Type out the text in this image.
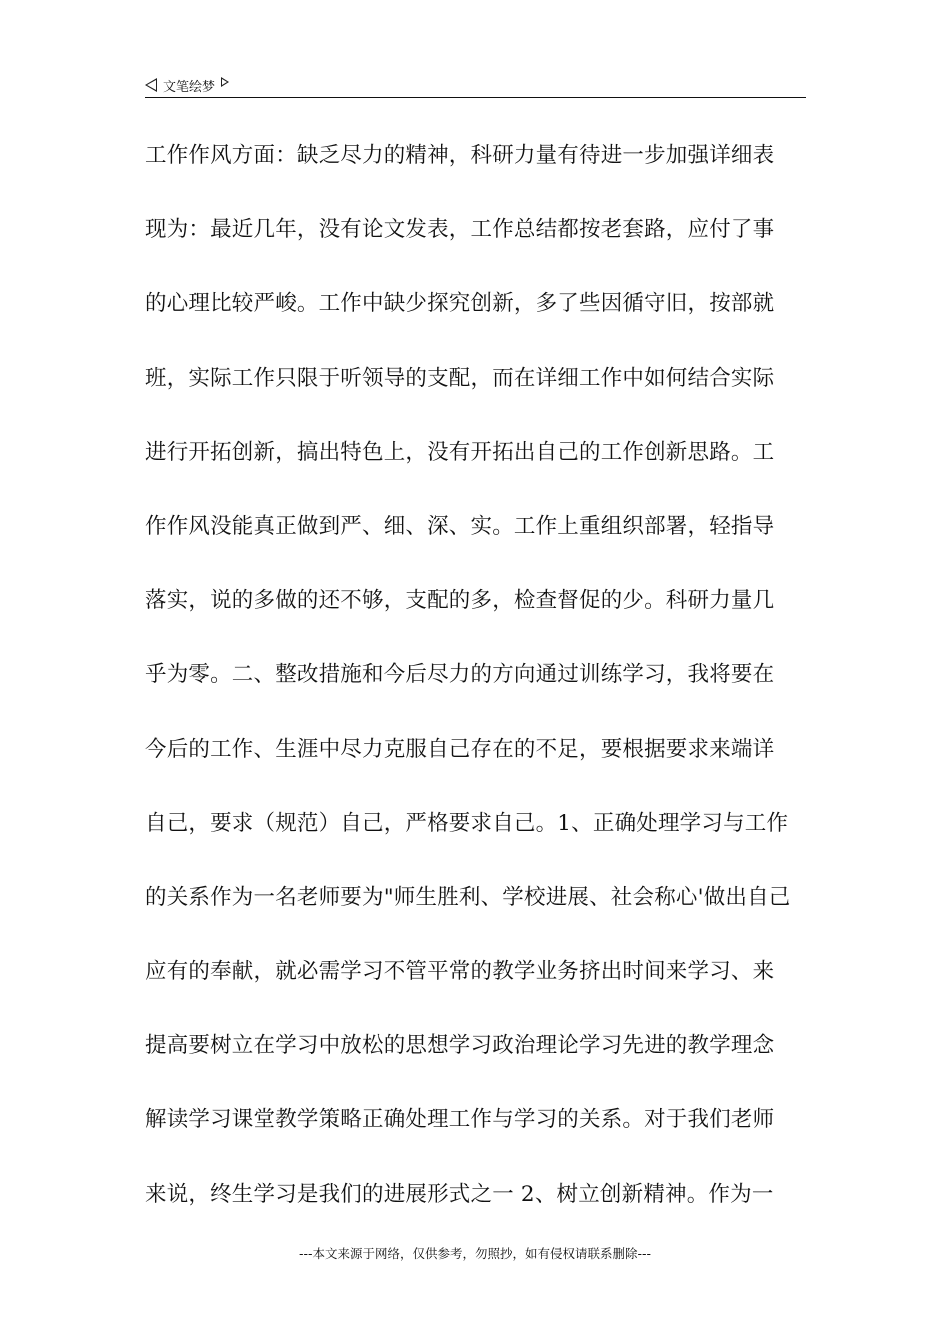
文笔绘梦
工作作风方面：缺乏尽力的精神，科研力量有待进一步加强详细表
现为：最近几年，没有论文发表，工作总结都按老套路，应付了事
的心理比较严峻。工作中缺少探究创新，多了些因循守旧，按部就
班，实际工作只限于听领导的支配，而在详细工作中如何结合实际
进行开拓创新，搞出特色上，没有开拓出自己的工作创新思路。工
作作风没能真正做到严、细、深、实。工作上重组织部署，轻指导
落实，说的多做的还不够，支配的多，检查督促的少。科研力量几
乎为零。二、整改措施和今后尽力的方向通过训练学习，我将要在
今后的工作、生涯中尽力克服自己存在的不足，要根据要求来端详
自己，要求（规范）自己，严格要求自己。1、正确处理学习与工作
的关系作为一名老师要为"师生胜利、学校进展、社会称心'做出自己
应有的奉献，就必需学习不管平常的教学业务挤出时间来学习、来
提高要树立在学习中放松的思想学习政治理论学习先进的教学理念
解读学习课堂教学策略正确处理工作与学习的关系。对于我们老师
来说，终生学习是我们的进展形式之一 2、树立创新精神。作为一
---本文来源于网络，仅供参考，勿照抄，如有侵权请联系删除---
